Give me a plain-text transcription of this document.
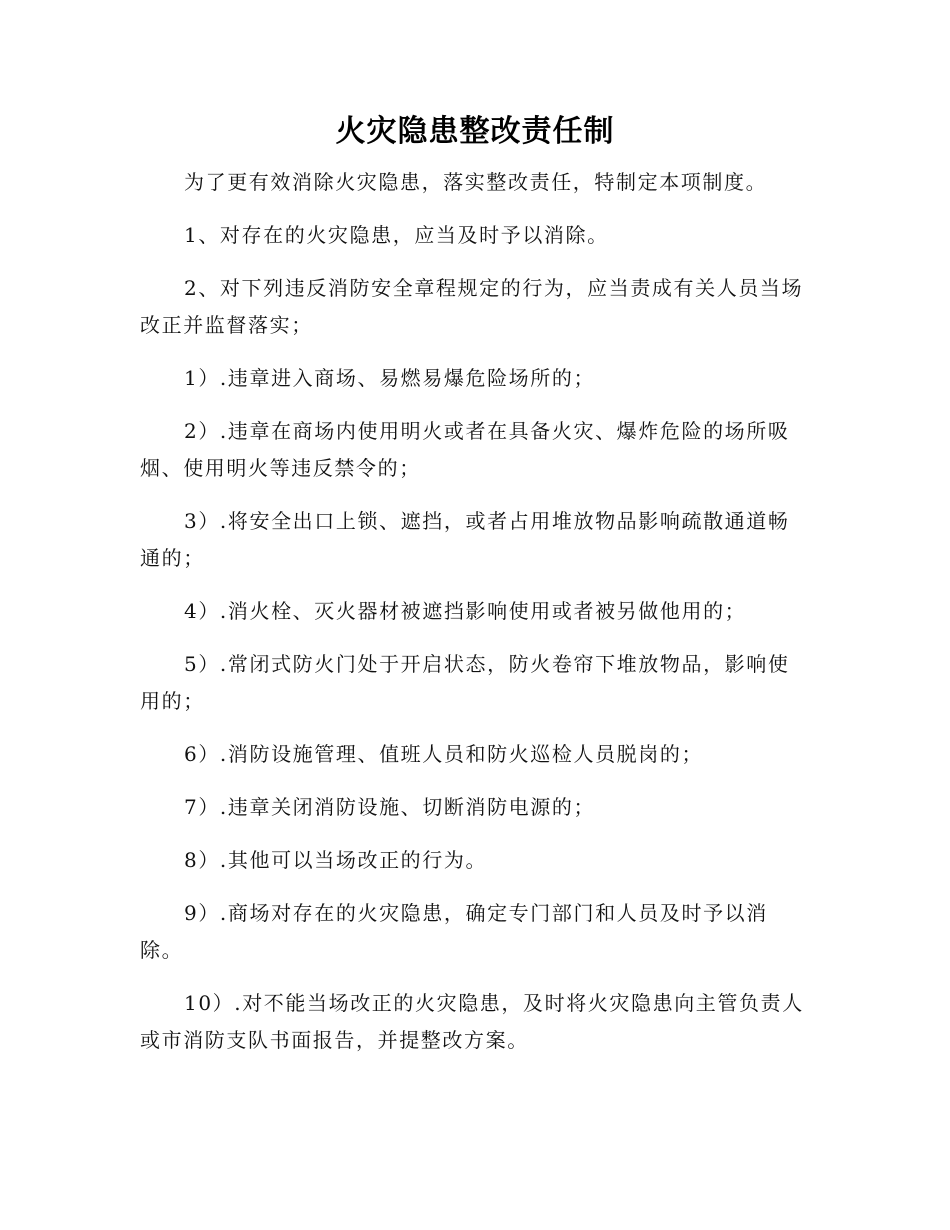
火灾隐患整改责任制

为了更有效消除火灾隐患，落实整改责任，特制定本项制度。

1、对存在的火灾隐患，应当及时予以消除。

2、对下列违反消防安全章程规定的行为，应当责成有关人员当场改正并监督落实；

1）.违章进入商场、易燃易爆危险场所的；

2）.违章在商场内使用明火或者在具备火灾、爆炸危险的场所吸烟、使用明火等违反禁令的；

3）.将安全出口上锁、遮挡，或者占用堆放物品影响疏散通道畅通的；

4）.消火栓、灭火器材被遮挡影响使用或者被另做他用的；

5）.常闭式防火门处于开启状态，防火卷帘下堆放物品，影响使用的；

6）.消防设施管理、值班人员和防火巡检人员脱岗的；

7）.违章关闭消防设施、切断消防电源的；

8）.其他可以当场改正的行为。

9）.商场对存在的火灾隐患，确定专门部门和人员及时予以消除。

10）.对不能当场改正的火灾隐患，及时将火灾隐患向主管负责人或市消防支队书面报告，并提整改方案。
